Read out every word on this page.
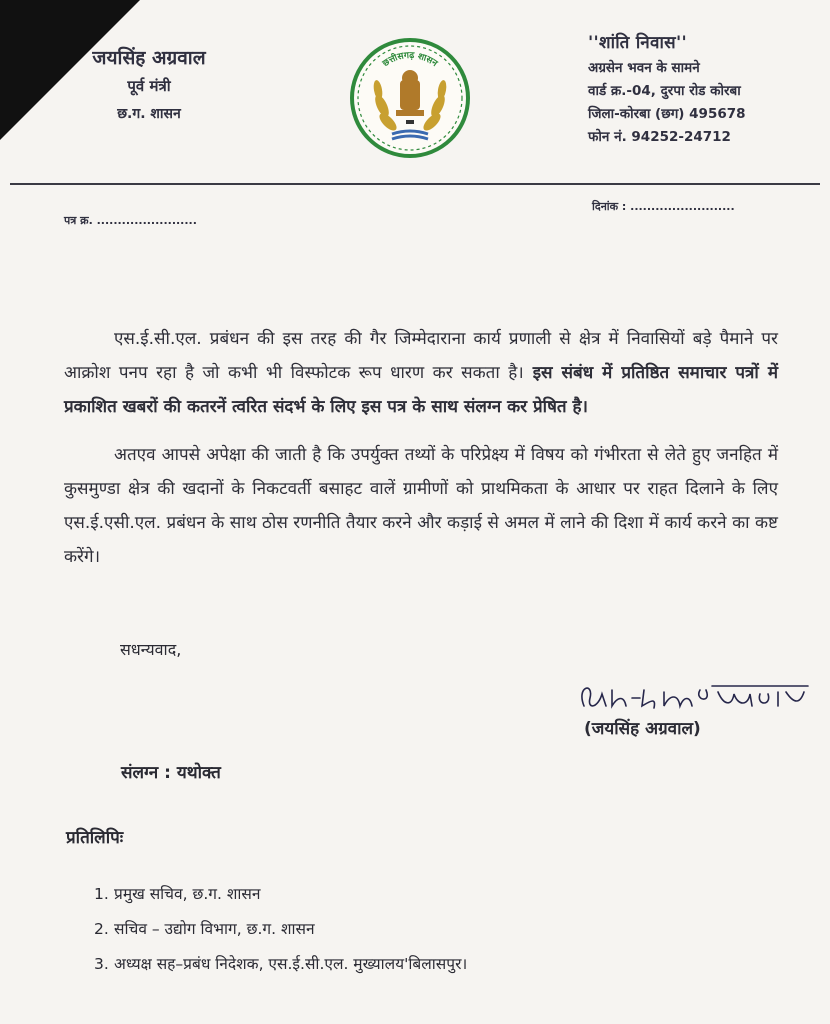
जयसिंह अग्रवाल
पूर्व मंत्री
छ.ग. शासन
छत्तीसगढ़ शासन
''शांति निवास''
अग्रसेन भवन के सामने
वार्ड क्र.-04, दुरपा रोड कोरबा
जिला-कोरबा (छग) 495678
फोन नं. 94252-24712
पत्र क्र. ........................
दिनांक : .........................

एस.ई.सी.एल. प्रबंधन की इस तरह की गैर जिम्मेदाराना कार्य प्रणाली से क्षेत्र में निवासियों बड़े पैमाने पर आक्रोश पनप रहा है जो कभी भी विस्फोटक रूप धारण कर सकता है। इस संबंध में प्रतिष्ठित समाचार पत्रों में प्रकाशित खबरों की कतरनें त्वरित संदर्भ के लिए इस पत्र के साथ संलग्न कर प्रेषित है।

अतएव आपसे अपेक्षा की जाती है कि उपर्युक्त तथ्यों के परिप्रेक्ष्य में विषय को गंभीरता से लेते हुए जनहित में कुसमुण्डा क्षेत्र की खदानों के निकटवर्ती बसाहट वालें ग्रामीणों को प्राथमिकता के आधार पर राहत दिलाने के लिए एस.ई.एसी.एल. प्रबंधन के साथ ठोस रणनीति तैयार करने और कड़ाई से अमल में लाने की दिशा में कार्य करने का कष्ट करेंगे।

सधन्यवाद,
(जयसिंह अग्रवाल)
संलग्न : यथोक्त
प्रतिलिपिः
1. प्रमुख सचिव, छ.ग. शासन
2. सचिव – उद्योग विभाग, छ.ग. शासन
3. अध्यक्ष सह–प्रबंध निदेशक, एस.ई.सी.एल. मुख्यालय'बिलासपुर।
